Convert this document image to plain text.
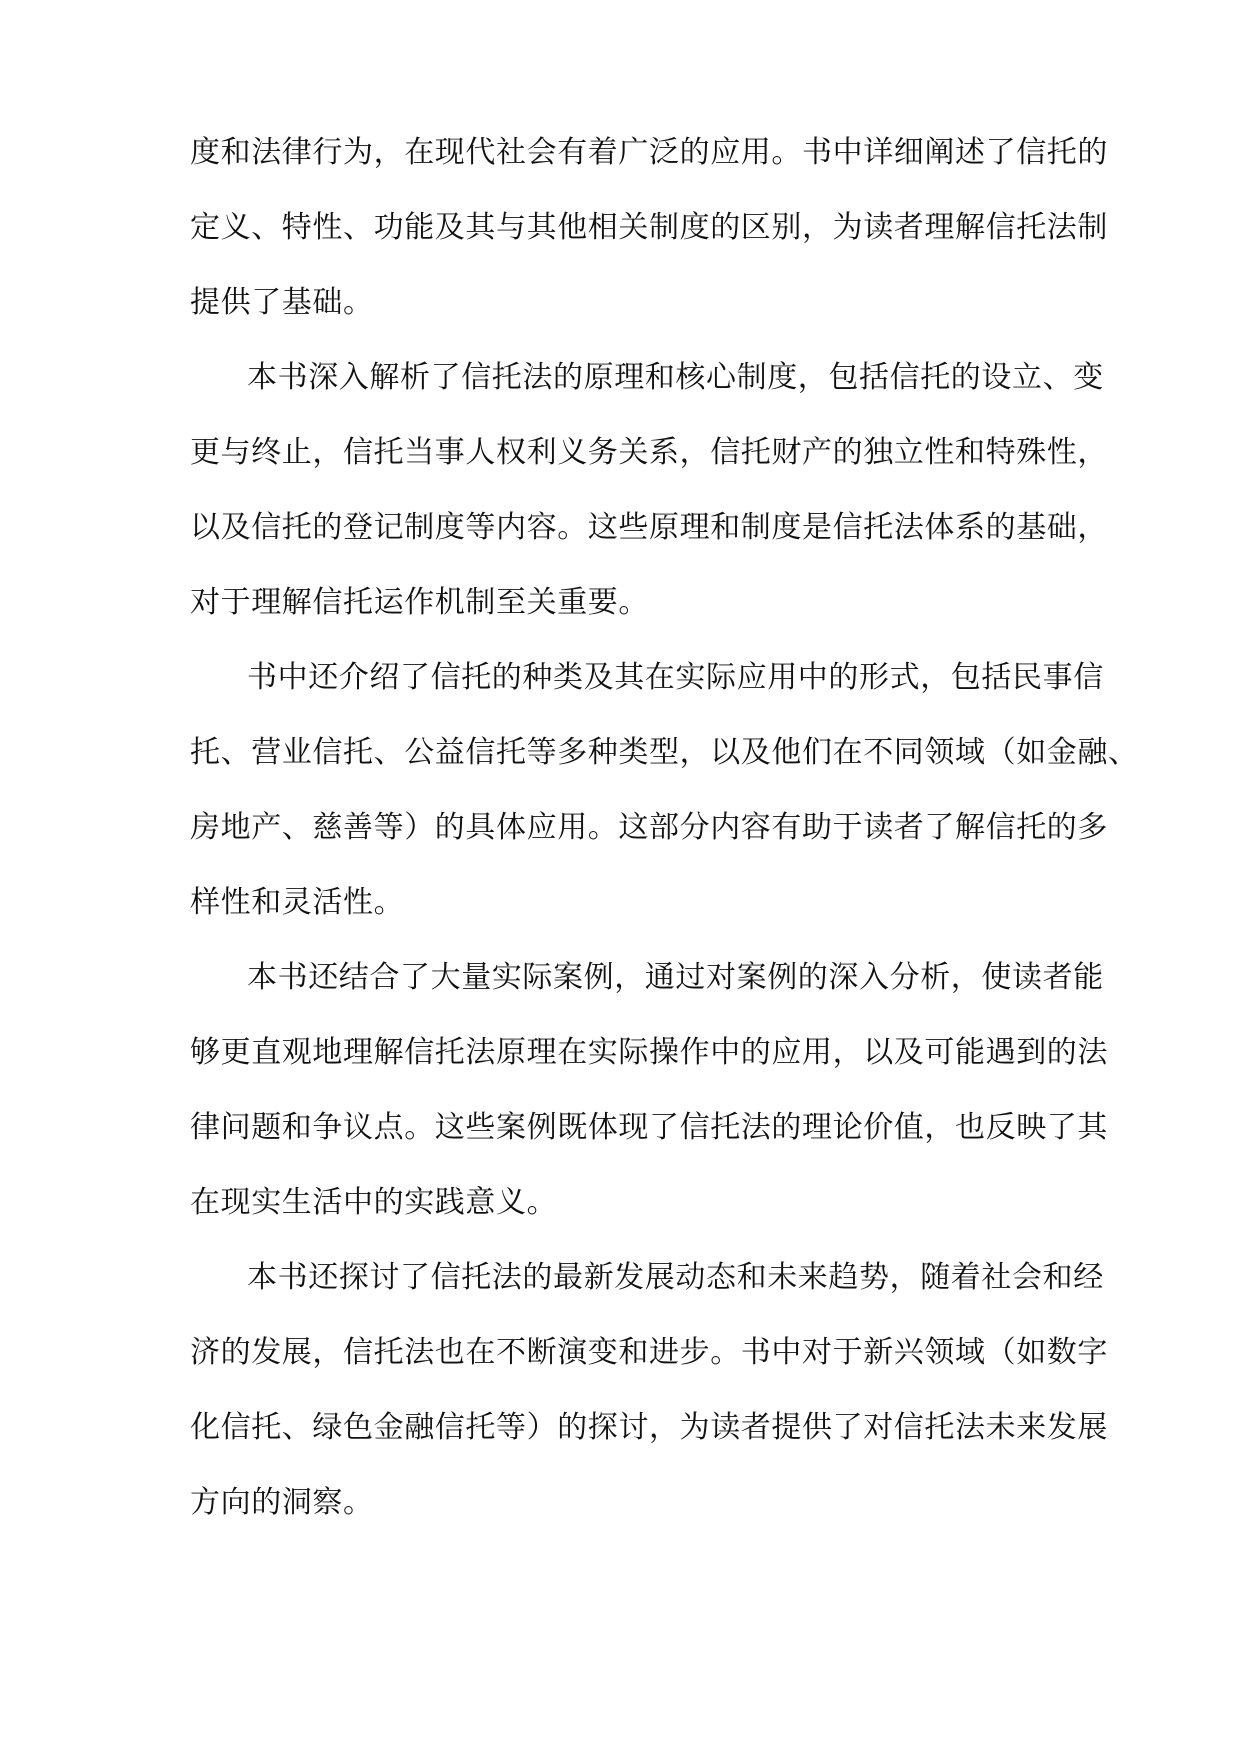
度和法律行为，在现代社会有着广泛的应用。书中详细阐述了信托的
定义、特性、功能及其与其他相关制度的区别，为读者理解信托法制
提供了基础。
本书深入解析了信托法的原理和核心制度，包括信托的设立、变
更与终止，信托当事人权利义务关系，信托财产的独立性和特殊性，
以及信托的登记制度等内容。这些原理和制度是信托法体系的基础，
对于理解信托运作机制至关重要。
书中还介绍了信托的种类及其在实际应用中的形式，包括民事信
托、营业信托、公益信托等多种类型，以及他们在不同领域（如金融、
房地产、慈善等）的具体应用。这部分内容有助于读者了解信托的多
样性和灵活性。
本书还结合了大量实际案例，通过对案例的深入分析，使读者能
够更直观地理解信托法原理在实际操作中的应用，以及可能遇到的法
律问题和争议点。这些案例既体现了信托法的理论价值，也反映了其
在现实生活中的实践意义。
本书还探讨了信托法的最新发展动态和未来趋势，随着社会和经
济的发展，信托法也在不断演变和进步。书中对于新兴领域（如数字
化信托、绿色金融信托等）的探讨，为读者提供了对信托法未来发展
方向的洞察。
